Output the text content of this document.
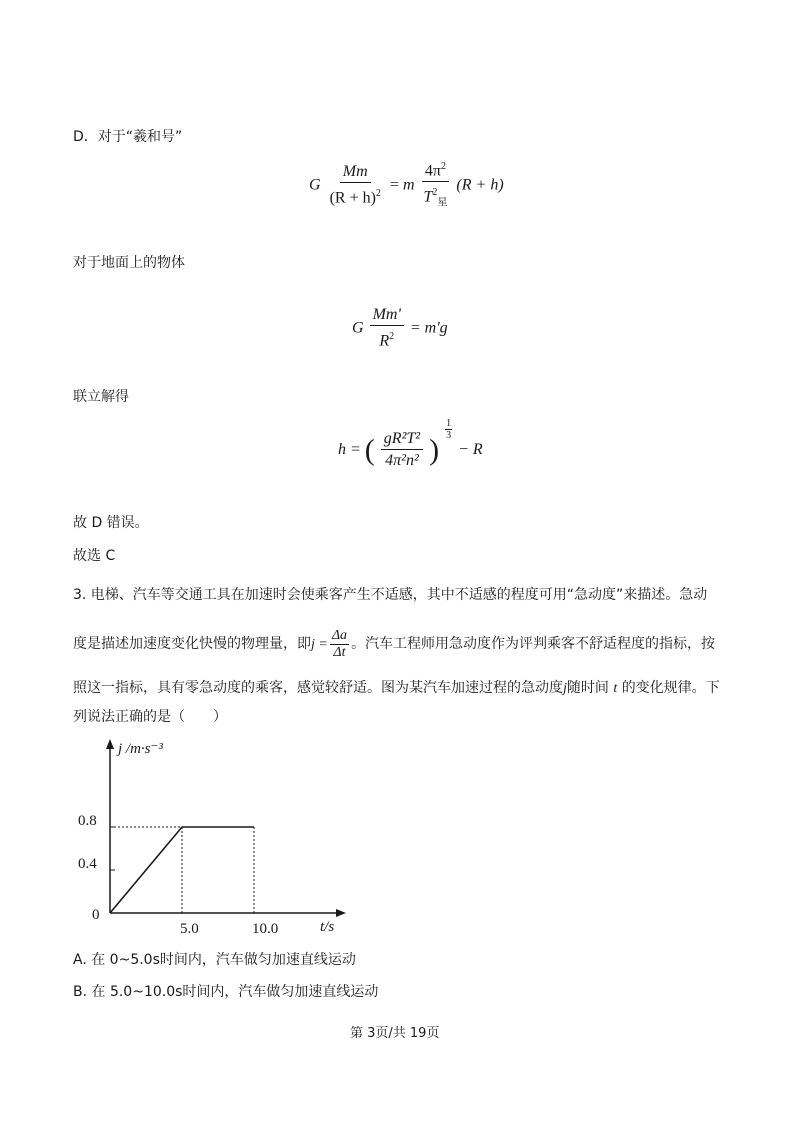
D．对于“羲和号”
G $\frac{Mm}{(R + h)^2} = m \frac{4\pi^2}{T^2_星} (R + h)$
对于地面上的物体
G $\frac{Mm'}{R^2} = m'g$
联立解得
h = ( $\frac{\text{gR²T²}}{\text{4π²n²}}$ )
$\frac{1}{3}$
− R
故 D 错误。
故选 C
3. 电梯、汽车等交通工具在加速时会使乘客产生不适感，其中不适感的程度可用“急动度”来描述。急动
度是描述加速度变化快慢的物理量，即$j = \frac{\Delta a}{\Delta t}$ 。汽车工程师用急动度作为评判乘客不舒适程度的指标，按
照这一指标，具有零急动度的乘客，感觉较舒适。图为某汽车加速过程的急动度j随时间 t 的变化规律。下
列说法正确的是（　　）
j /m·s⁻³
t/s
0
0.8
0.4
5.0	10.0
A. 在 0~5.0s时间内，汽车做匀加速直线运动
B. 在 5.0~10.0s时间内，汽车做匀加速直线运动
第 3页/共 19页
